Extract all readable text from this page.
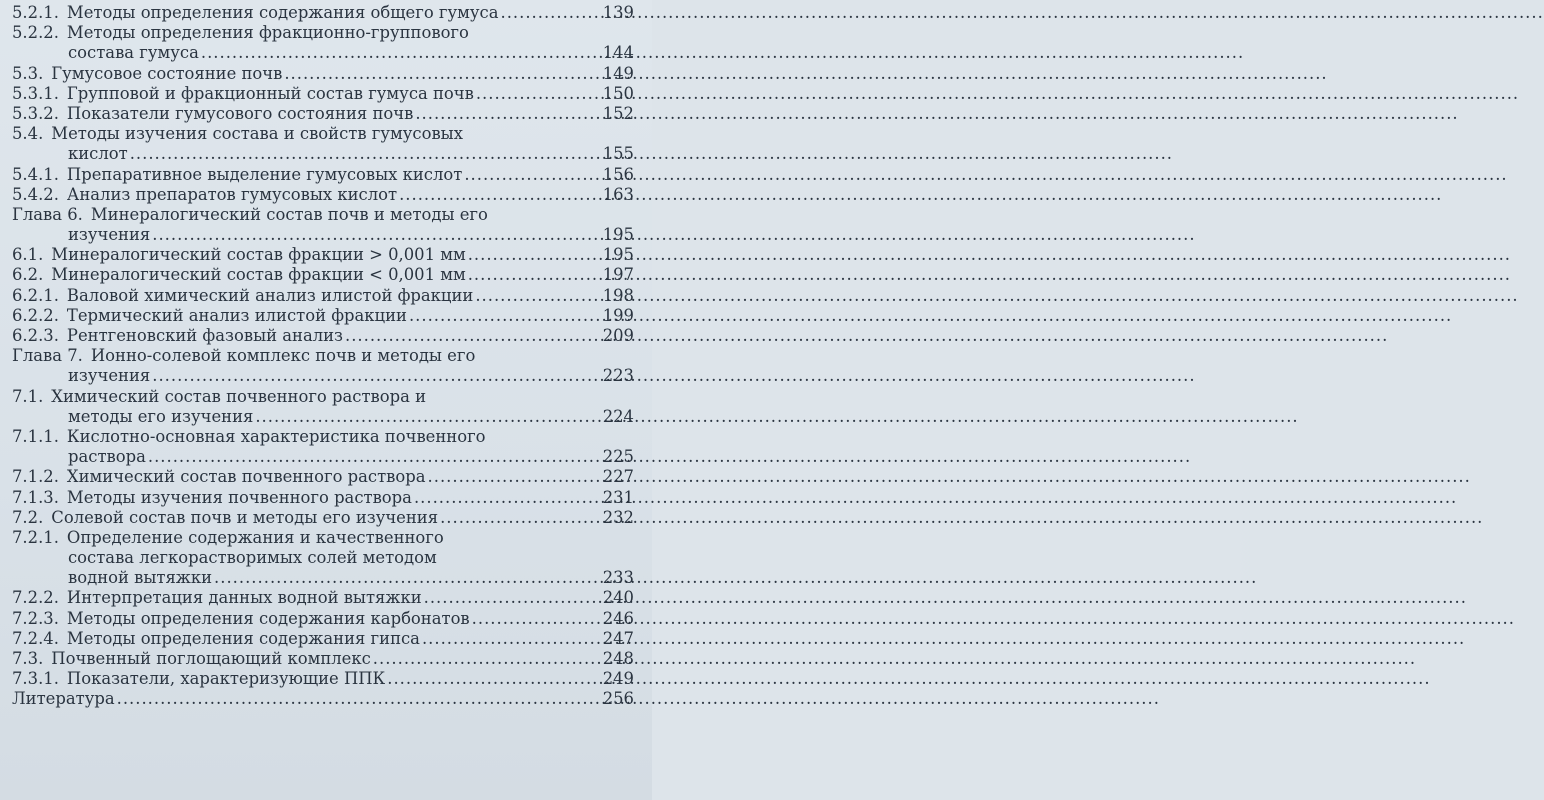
5.2.1. Методы определения содержания общего гумуса .....	139
5.2.2. Методы определения фракционно-группового
состава гумуса .....	144
5.3. Гумусовое состояние почв .....	149
5.3.1. Групповой и фракционный состав гумуса почв .....	150
5.3.2. Показатели гумусового состояния почв .....	152
5.4. Методы изучения состава и свойств гумусовых
кислот .....	155
5.4.1. Препаративное выделение гумусовых кислот .....	156
5.4.2. Анализ препаратов гумусовых кислот .....	163
Глава 6. Минералогический состав почв и методы его
изучения .....	195
6.1. Минералогический состав фракции > 0,001 мм .....	195
6.2. Минералогический состав фракции < 0,001 мм .....	197
6.2.1. Валовой химический анализ илистой фракции .....	198
6.2.2. Термический анализ илистой фракции .....	199
6.2.3. Рентгеновский фазовый анализ .....	209
Глава 7. Ионно-солевой комплекс почв и методы его
изучения .....	223
7.1. Химический состав почвенного раствора и
методы его изучения .....	224
7.1.1. Кислотно-основная характеристика почвенного
раствора .....	225
7.1.2. Химический состав почвенного раствора .....	227
7.1.3. Методы изучения почвенного раствора .....	231
7.2. Солевой состав почв и методы его изучения .....	232
7.2.1. Определение содержания и качественного
состава легкорастворимых солей методом
водной вытяжки .....	233
7.2.2. Интерпретация данных водной вытяжки .....	240
7.2.3. Методы определения содержания карбонатов .....	246
7.2.4. Методы определения содержания гипса .....	247
7.3. Почвенный поглощающий комплекс .....	248
7.3.1. Показатели, характеризующие ППК .....	249
Литература .....	256
